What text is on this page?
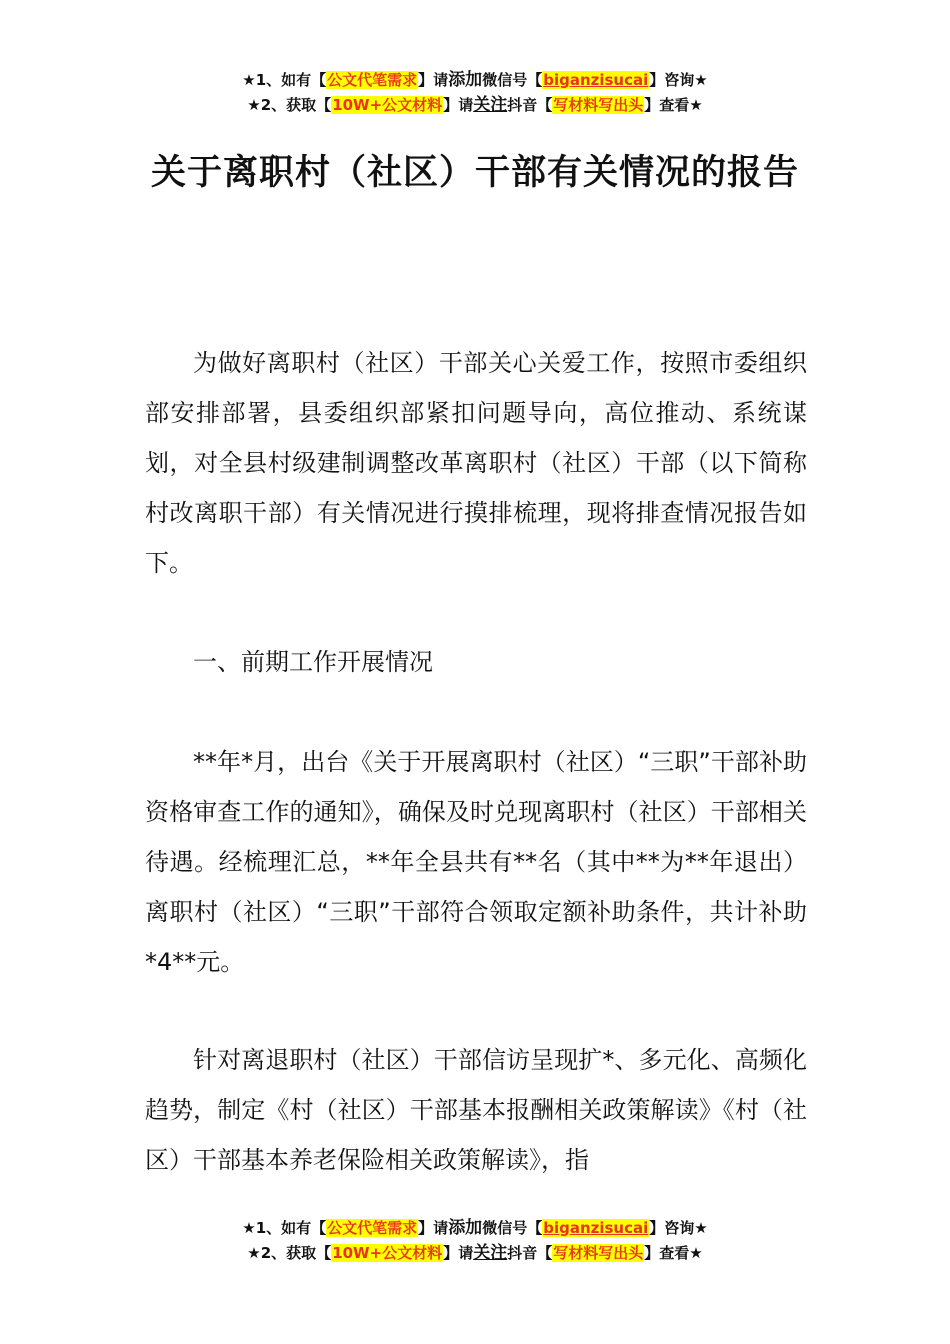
★1、如有【公文代笔需求】请添加微信号【biganzisucai】咨询★
★2、获取【10W+公文材料】请关注抖音【写材料写出头】查看★
关于离职村（社区）干部有关情况的报告

为做好离职村（社区）干部关心关爱工作，按照市委组织部安排部署，县委组织部紧扣问题导向，高位推动、系统谋划，对全县村级建制调整改革离职村（社区）干部（以下简称村改离职干部）有关情况进行摸排梳理，现将排查情况报告如下。

一、前期工作开展情况

**年*月，出台《关于开展离职村（社区）“三职”干部补助资格审查工作的通知》，确保及时兑现离职村（社区）干部相关待遇。经梳理汇总，**年全县共有**名（其中**为**年退出）离职村（社区）“三职”干部符合领取定额补助条件，共计补助*4**元。

针对离退职村（社区）干部信访呈现扩*、多元化、高频化趋势，制定《村（社区）干部基本报酬相关政策解读》《村（社区）干部基本养老保险相关政策解读》，指

★1、如有【公文代笔需求】请添加微信号【biganzisucai】咨询★
★2、获取【10W+公文材料】请关注抖音【写材料写出头】查看★
